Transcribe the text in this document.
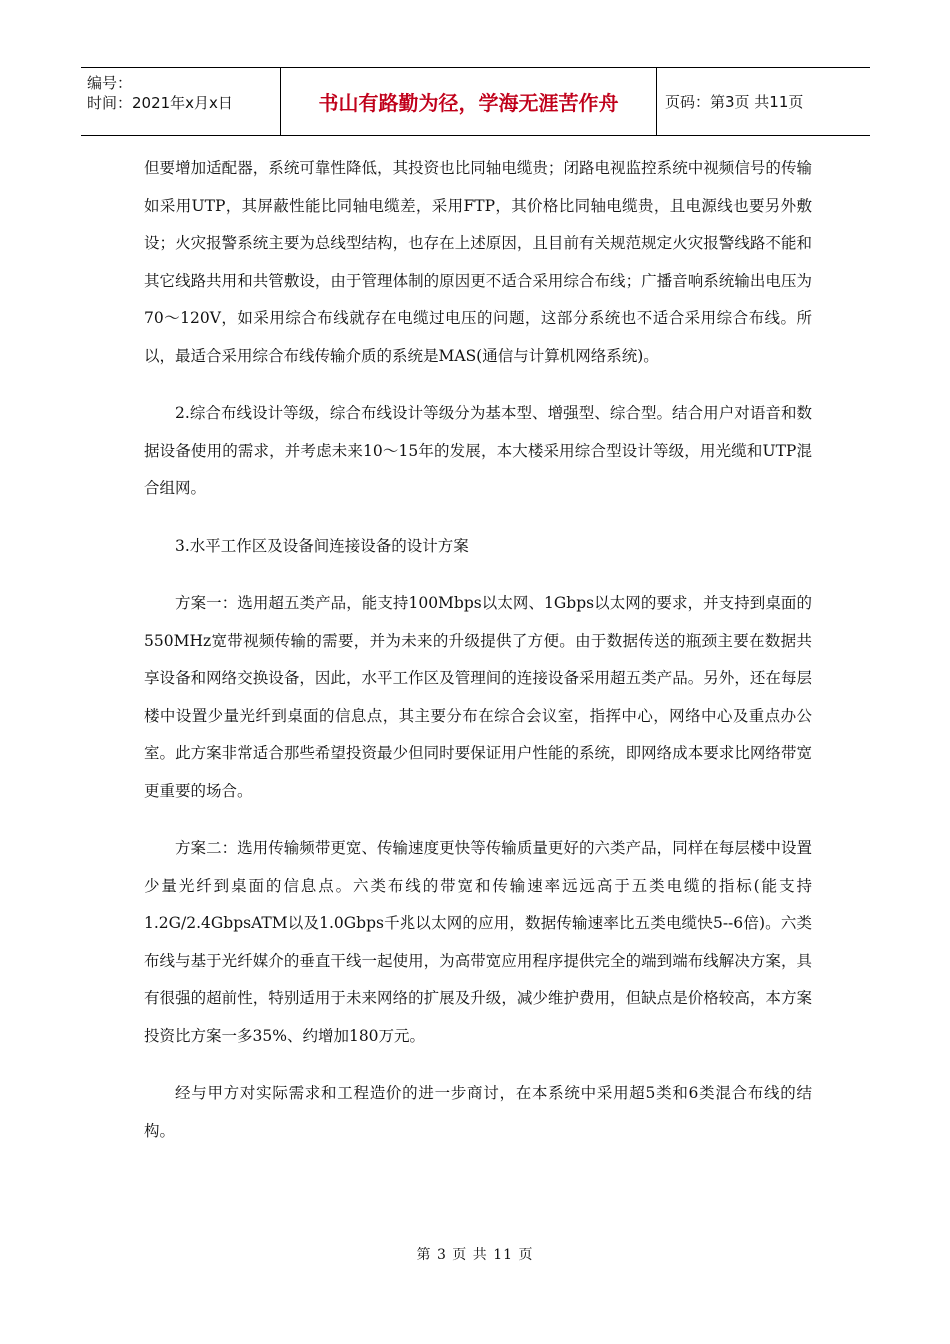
编号：
时间：2021年x月x日	书山有路勤为径，学海无涯苦作舟	页码：第3页 共11页

但要增加适配器，系统可靠性降低，其投资也比同轴电缆贵；闭路电视监控系统中视频信号的传输如采用UTP，其屏蔽性能比同轴电缆差，采用FTP，其价格比同轴电缆贵，且电源线也要另外敷设；火灾报警系统主要为总线型结构，也存在上述原因，且目前有关规范规定火灾报警线路不能和其它线路共用和共管敷设，由于管理体制的原因更不适合采用综合布线；广播音响系统输出电压为70～120V，如采用综合布线就存在电缆过电压的问题，这部分系统也不适合采用综合布线。所以，最适合采用综合布线传输介质的系统是MAS(通信与计算机网络系统)。

2.综合布线设计等级，综合布线设计等级分为基本型、增强型、综合型。结合用户对语音和数据设备使用的需求，并考虑未来10～15年的发展，本大楼采用综合型设计等级，用光缆和UTP混合组网。

3.水平工作区及设备间连接设备的设计方案

方案一：选用超五类产品，能支持100Mbps以太网、1Gbps以太网的要求，并支持到桌面的550MHz宽带视频传输的需要，并为未来的升级提供了方便。由于数据传送的瓶颈主要在数据共享设备和网络交换设备，因此，水平工作区及管理间的连接设备采用超五类产品。另外，还在每层楼中设置少量光纤到桌面的信息点，其主要分布在综合会议室，指挥中心，网络中心及重点办公室。此方案非常适合那些希望投资最少但同时要保证用户性能的系统，即网络成本要求比网络带宽更重要的场合。

方案二：选用传输频带更宽、传输速度更快等传输质量更好的六类产品，同样在每层楼中设置少量光纤到桌面的信息点。六类布线的带宽和传输速率远远高于五类电缆的指标(能支持1.2G/2.4GbpsATM以及1.0Gbps千兆以太网的应用，数据传输速率比五类电缆快5--6倍)。六类布线与基于光纤媒介的垂直干线一起使用，为高带宽应用程序提供完全的端到端布线解决方案，具有很强的超前性，特别适用于未来网络的扩展及升级，减少维护费用，但缺点是价格较高，本方案投资比方案一多35%、约增加180万元。

经与甲方对实际需求和工程造价的进一步商讨，在本系统中采用超5类和6类混合布线的结构。

第 3 页 共 11 页
